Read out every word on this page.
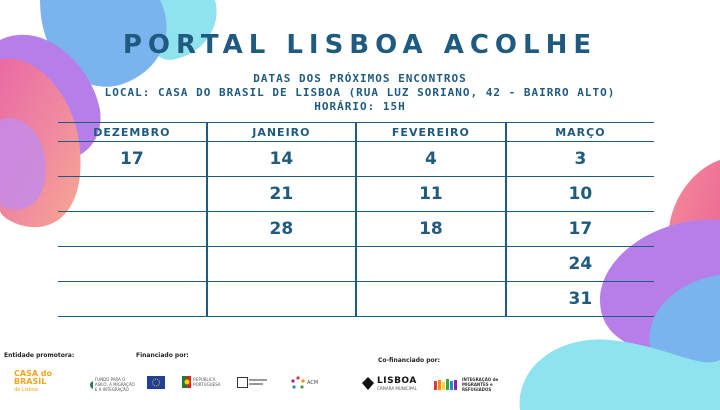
PORTAL LISBOA ACOLHE
DATAS DOS PRÓXIMOS ENCONTROS
LOCAL: CASA DO BRASIL DE LISBOA (RUA LUZ SORIANO, 42 - BAIRRO ALTO)
HORÁRIO: 15H
DEZEMBRO	JANEIRO	FEVEREIRO	MARÇO
17	14	4	3
	21	11	10
	28	18	17
			24
			31
Entidade promotora:	Financiado por:
Co-financiado por:
CASA do
BRASIL
de Lisboa
FUNDO PARA O ASILO, A MIGRAÇÃO E A INTEGRAÇÃO
REPÚBLICA PORTUGUESA	ACM	LISBOA
CÂMARA MUNICIPAL
INTEGRAÇÃO de MIGRANTES e REFUGIADOS
